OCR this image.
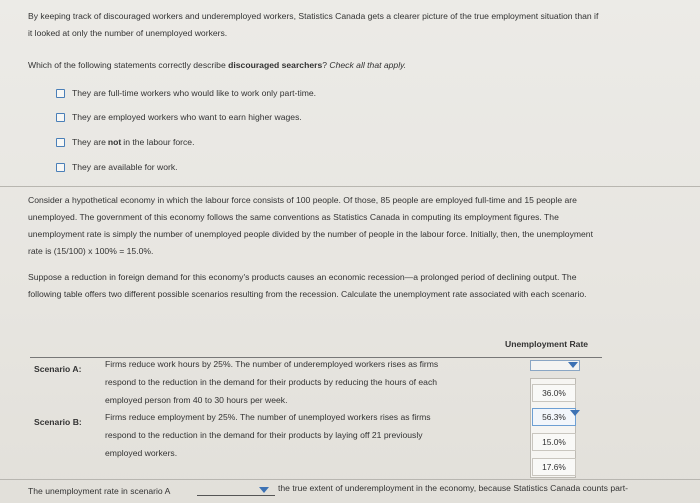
By keeping track of discouraged workers and underemployed workers, Statistics Canada gets a clearer picture of the true employment situation than if
it looked at only the number of unemployed workers.

Which of the following statements correctly describe discouraged searchers? Check all that apply.

They are full-time workers who would like to work only part-time.
They are employed workers who want to earn higher wages.
They are not in the labour force.
They are available for work.

Consider a hypothetical economy in which the labour force consists of 100 people. Of those, 85 people are employed full-time and 15 people are
unemployed. The government of this economy follows the same conventions as Statistics Canada in computing its employment figures. The
unemployment rate is simply the number of unemployed people divided by the number of people in the labour force. Initially, then, the unemployment
rate is (15/100) x 100% = 15.0%.

Suppose a reduction in foreign demand for this economy's products causes an economic recession—a prolonged period of declining output. The
following table offers two different possible scenarios resulting from the recession. Calculate the unemployment rate associated with each scenario.

Unemployment Rate
Scenario A:	Firms reduce work hours by 25%. The number of underemployed workers rises as firms
respond to the reduction in the demand for their products by reducing the hours of each
employed person from 40 to 30 hours per week.
Scenario B:	Firms reduce employment by 25%. The number of unemployed workers rises as firms
respond to the reduction in the demand for their products by laying off 21 previously
employed workers.
36.0%
56.3%
15.0%
17.6%
The unemployment rate in scenario A	the true extent of underemployment in the economy, because Statistics Canada counts part-
